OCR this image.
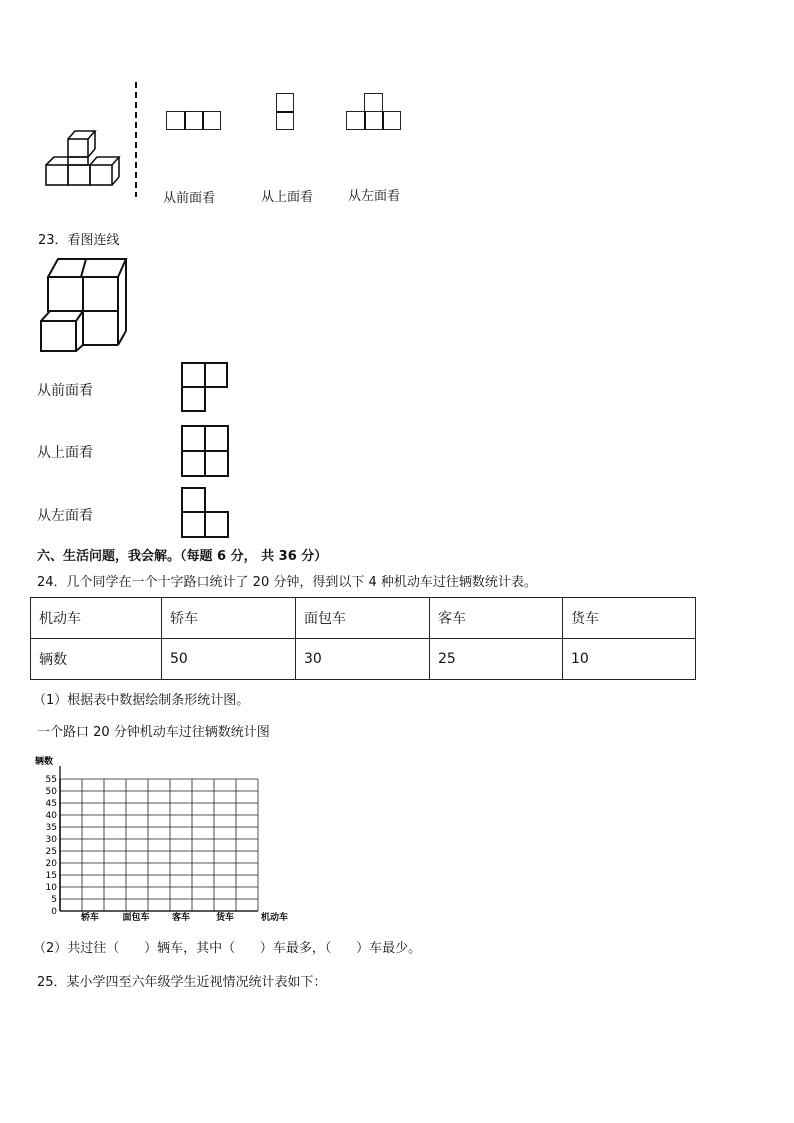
从前面看	从上面看	从左面看
23．看图连线
从前面看
从上面看
从左面看
六、生活问题，我会解。（每题 6 分， 共 36 分）
24．几个同学在一个十字路口统计了 20 分钟，得到以下 4 种机动车过往辆数统计表。
机动车	轿车	面包车	客车	货车
辆数	50	30	25	10
（1）根据表中数据绘制条形统计图。
一个路口 20 分钟机动车过往辆数统计图
0
5
10
15
20
25
30
35
40
45
50
55
轿车	面包车 客车	货车
辆数
机动车
（2）共过往（      ）辆车，其中（      ）车最多，（      ）车最少。
25．某小学四至六年级学生近视情况统计表如下：
